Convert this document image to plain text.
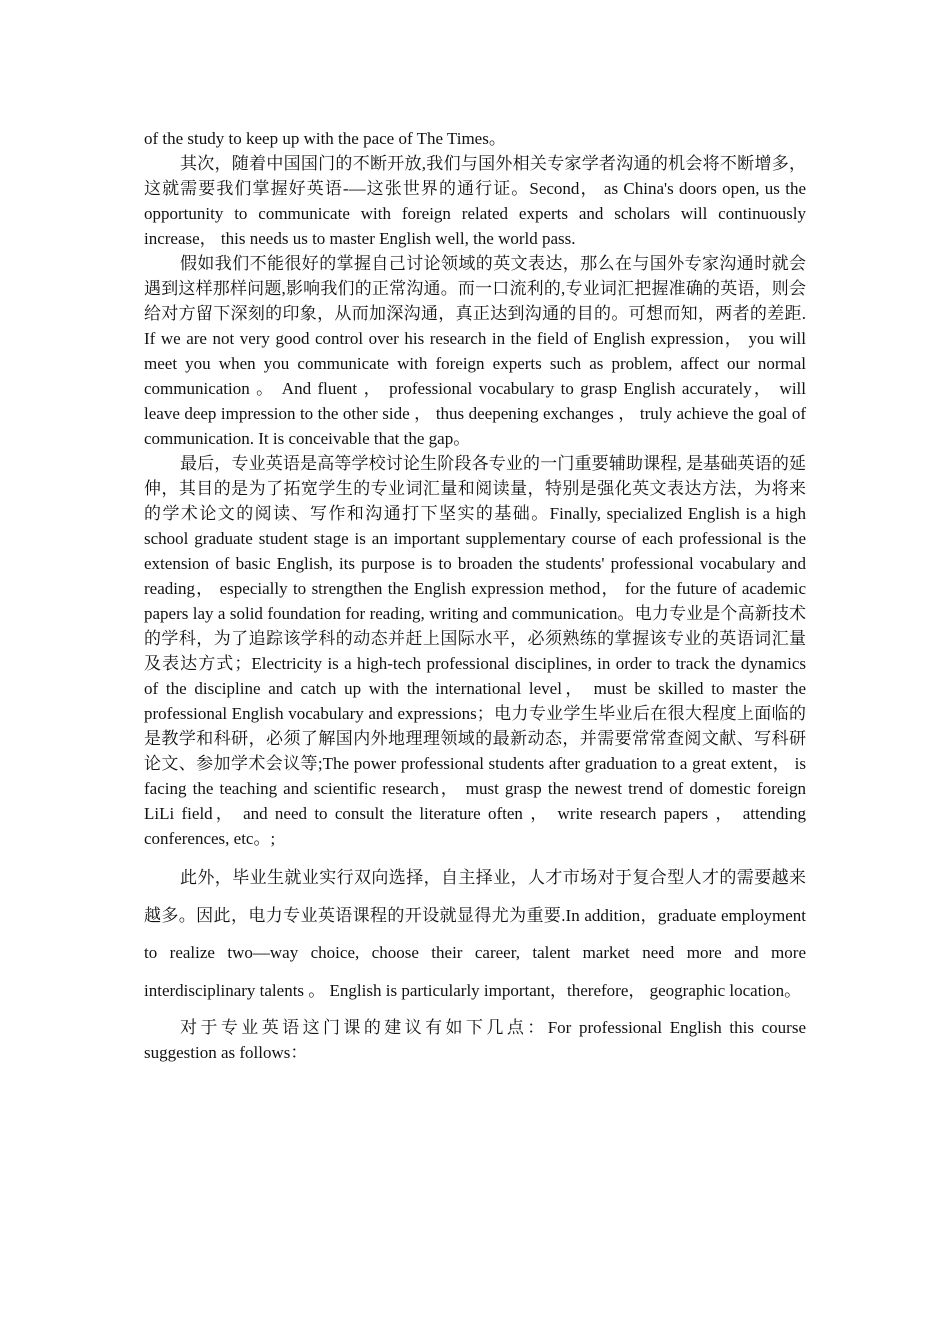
of the study to keep up with the pace of The Times。

其次，随着中国国门的不断开放,我们与国外相关专家学者沟通的机会将不断增多，这就需要我们掌握好英语-—这张世界的通行证。Second， as China's doors open, us the opportunity to communicate with foreign related experts and scholars will continuously increase， this needs us to master English well, the world pass.

假如我们不能很好的掌握自己讨论领域的英文表达，那么在与国外专家沟通时就会遇到这样那样问题,影响我们的正常沟通。而一口流利的,专业词汇把握准确的英语，则会给对方留下深刻的印象，从而加深沟通，真正达到沟通的目的。可想而知，两者的差距. If we are not very good control over his research in the field of English expression， you will meet you when you communicate with foreign experts such as problem, affect our normal communication 。 And fluent ， professional vocabulary to grasp English accurately， will leave deep impression to the other side ， thus deepening exchanges ， truly achieve the goal of communication. It is conceivable that the gap。

最后，专业英语是高等学校讨论生阶段各专业的一门重要辅助课程, 是基础英语的延伸，其目的是为了拓宽学生的专业词汇量和阅读量，特别是强化英文表达方法，为将来的学术论文的阅读、写作和沟通打下坚实的基础。Finally, specialized English is a high school graduate student stage is an important supplementary course of each professional is the extension of basic English, its purpose is to broaden the students' professional vocabulary and reading， especially to strengthen the English expression method， for the future of academic papers lay a solid foundation for reading, writing and communication。电力专业是个高新技术的学科，为了追踪该学科的动态并赶上国际水平，必须熟练的掌握该专业的英语词汇量及表达方式；Electricity is a high-tech professional disciplines, in order to track the dynamics of the discipline and catch up with the international level， must be skilled to master the professional English vocabulary and expressions；电力专业学生毕业后在很大程度上面临的是教学和科研，必须了解国内外地理理领域的最新动态，并需要常常查阅文献、写科研论文、参加学术会议等;The power professional students after graduation to a great extent， is facing the teaching and scientific research， must grasp the newest trend of domestic foreign LiLi field， and need to consult the literature often ， write research papers ， attending conferences, etc。;

此外，毕业生就业实行双向选择，自主择业，人才市场对于复合型人才的需要越来越多。因此，电力专业英语课程的开设就显得尤为重要.In addition，graduate employment to realize two—way choice, choose their career, talent market need more and more interdisciplinary talents 。 English is particularly important，therefore， geographic location。

对于专业英语这门课的建议有如下几点：For professional English this course suggestion as follows：
